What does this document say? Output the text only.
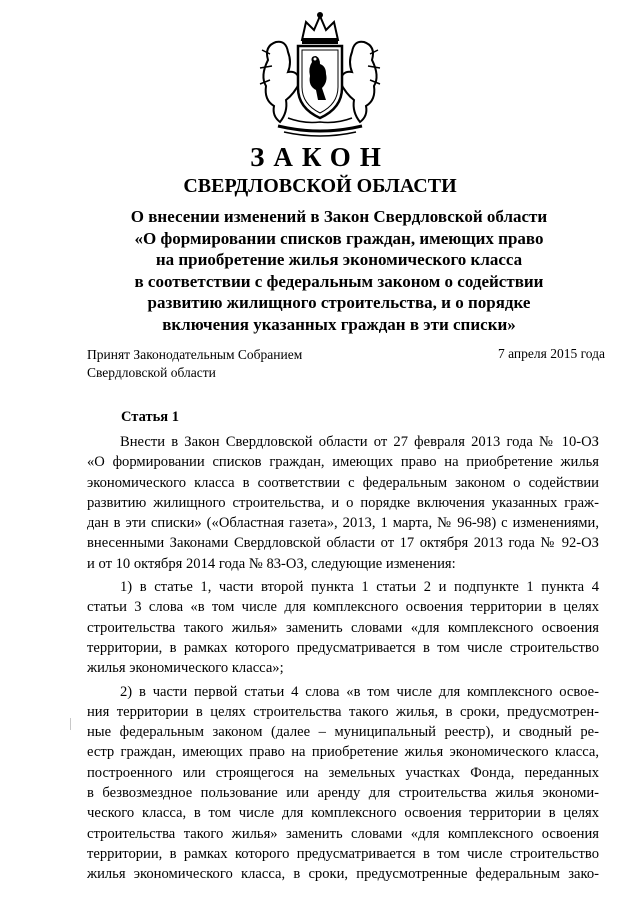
ЗАКОН
СВЕРДЛОВСКОЙ ОБЛАСТИ
О внесении изменений в Закон Свердловской области
«О формировании списков граждан, имеющих право
на приобретение жилья экономического класса
в соответствии с федеральным законом о содействии
развитию жилищного строительства, и о порядке
включения указанных граждан в эти списки»
Принят Законодательным Собранием
Свердловской области
7 апреля 2015 года
Статья 1
Внести в Закон Свердловской области от 27 февраля 2013 года № 10-ОЗ
«О формировании списков граждан, имеющих право на приобретение жилья
экономического класса в соответствии с федеральным законом о содействии
развитию жилищного строительства, и о порядке включения указанных граж-
дан в эти списки» («Областная газета», 2013, 1 марта, № 96-98) с изменениями,
внесенными Законами Свердловской области от 17 октября 2013 года № 92-ОЗ
и от 10 октября 2014 года № 83-ОЗ, следующие изменения:
1) в статье 1, части второй пункта 1 статьи 2 и подпункте 1 пункта 4
статьи 3 слова «в том числе для комплексного освоения территории в целях
строительства такого жилья» заменить словами «для комплексного освоения
территории, в рамках которого предусматривается в том числе строительство
жилья экономического класса»;
2) в части первой статьи 4 слова «в том числе для комплексного освое-
ния территории в целях строительства такого жилья, в сроки, предусмотрен-
ные федеральным законом (далее – муниципальный реестр), и сводный ре-
естр граждан, имеющих право на приобретение жилья экономического класса,
построенного или строящегося на земельных участках Фонда, переданных
в безвозмездное пользование или аренду для строительства жилья экономи-
ческого класса, в том числе для комплексного освоения территории в целях
строительства такого жилья» заменить словами «для комплексного освоения
территории, в рамках которого предусматривается в том числе строительство
жилья экономического класса, в сроки, предусмотренные федеральным зако-
